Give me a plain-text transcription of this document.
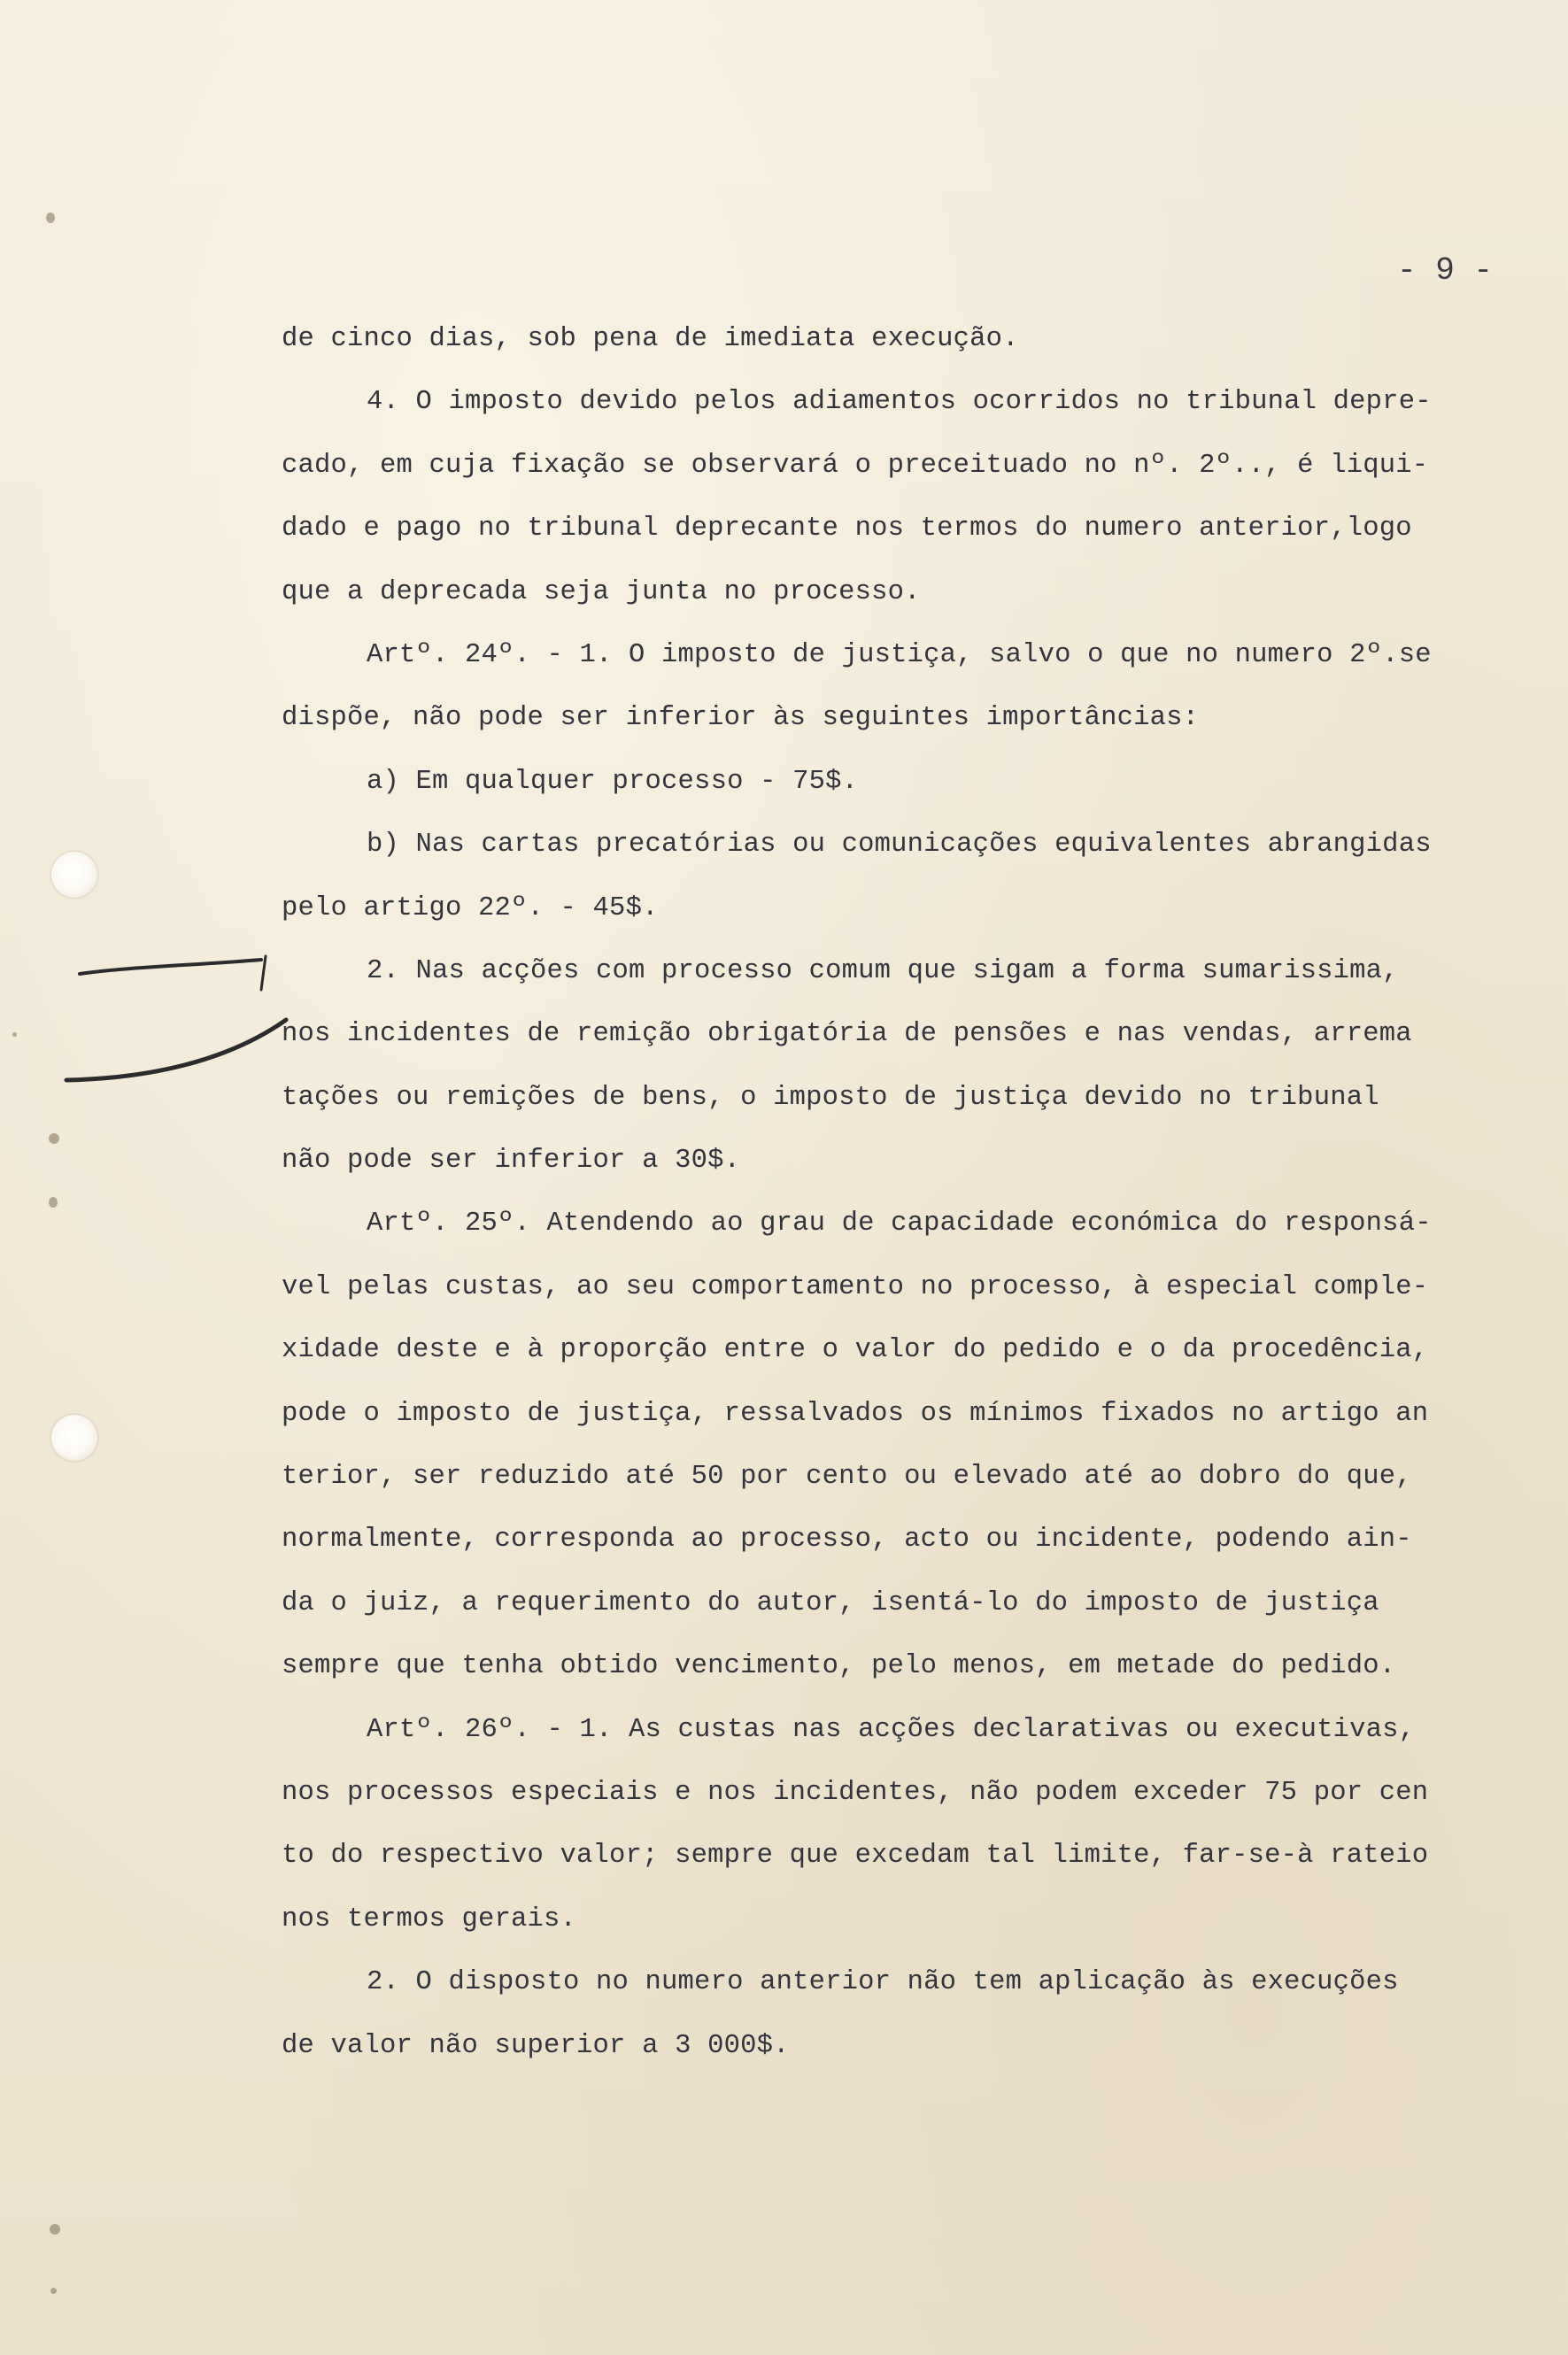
- 9 -
de cinco dias, sob pena de imediata execução.
4. O imposto devido pelos adiamentos ocorridos no tribunal depre-
cado, em cuja fixação se observará o preceituado no nº. 2º.., é liqui-
dado e pago no tribunal deprecante nos termos do numero anterior,logo
que a deprecada seja junta no processo.
Artº. 24º. - 1. O imposto de justiça, salvo o que no numero 2º.se
dispõe, não pode ser inferior às seguintes importâncias:
a) Em qualquer processo - 75$.
b) Nas cartas precatórias ou comunicações equivalentes abrangidas
pelo artigo 22º. - 45$.
2. Nas acções com processo comum que sigam a forma sumarissima,
nos incidentes de remição obrigatória de pensões e nas vendas, arrema
tações ou remições de bens, o imposto de justiça devido no tribunal
não pode ser inferior a 30$.
Artº. 25º. Atendendo ao grau de capacidade económica do responsá-
vel pelas custas, ao seu comportamento no processo, à especial comple-
xidade deste e à proporção entre o valor do pedido e o da procedência,
pode o imposto de justiça, ressalvados os mínimos fixados no artigo an
terior, ser reduzido até 50 por cento ou elevado até ao dobro do que,
normalmente, corresponda ao processo, acto ou incidente, podendo ain-
da o juiz, a requerimento do autor, isentá-lo do imposto de justiça
sempre que tenha obtido vencimento, pelo menos, em metade do pedido.
Artº. 26º. - 1. As custas nas acções declarativas ou executivas,
nos processos especiais e nos incidentes, não podem exceder 75 por cen
to do respectivo valor; sempre que excedam tal limite, far-se-à rateio
nos termos gerais.
2. O disposto no numero anterior não tem aplicação às execuções
de valor não superior a 3 000$.
